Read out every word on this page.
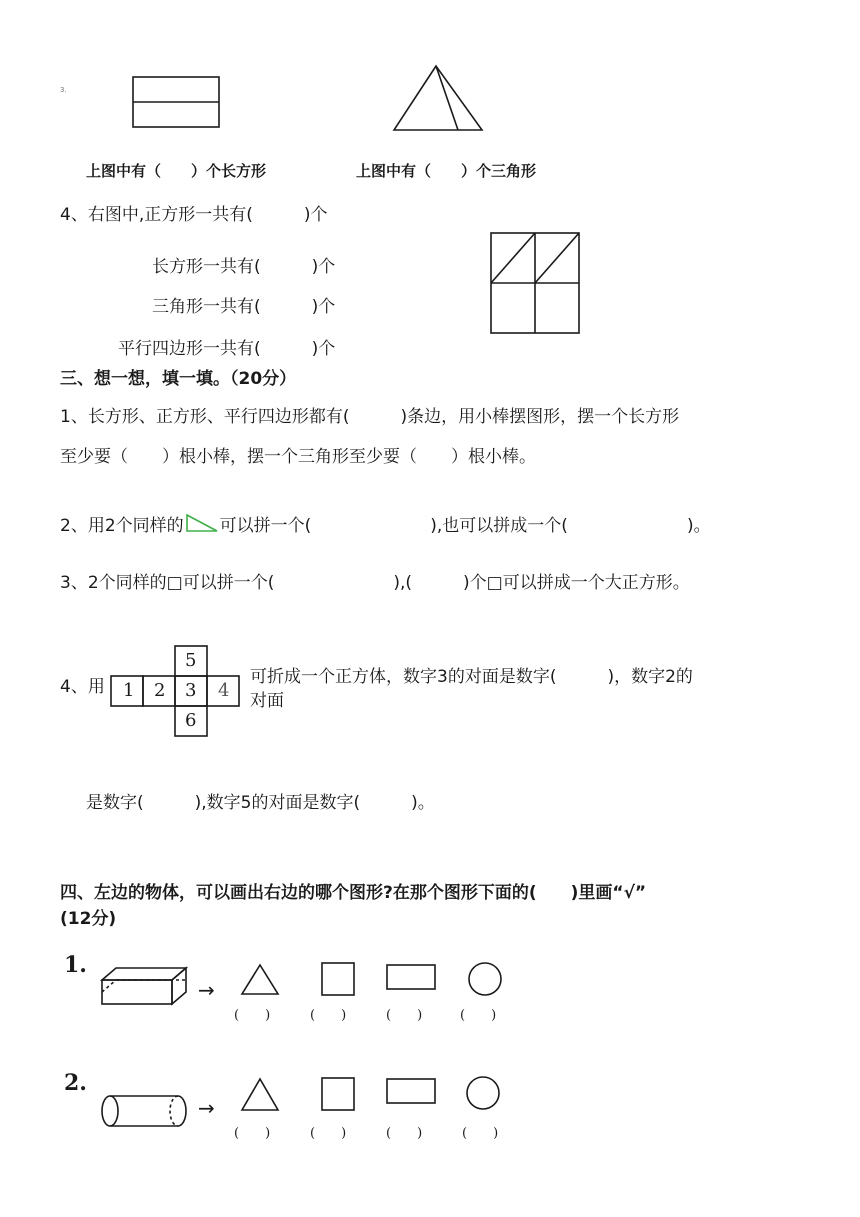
3.
上图中有（　　）个长方形	上图中有（　　）个三角形
4、右图中,正方形一共有(　　　)个
长方形一共有(　　　)个
三角形一共有(　　　)个
平行四边形一共有(　　　)个
三、想一想，填一填。（20分）
1、长方形、正方形、平行四边形都有(　　　)条边，用小棒摆图形，摆一个长方形
至少要（　　）根小棒，摆一个三角形至少要（　　）根小棒。
2、用2个同样的 可以拼一个(　　　　　　　),也可以拼成一个(　　　　　　　)。
3、2个同样的□可以拼一个(　　　　　　　),(　　　)个□可以拼成一个大正方形。
4、用 1 2 3 4
5
6
可折成一个正方体，数字3的对面是数字(　　　)，数字2的
对面
是数字(　　　),数字5的对面是数字(　　　)。
四、左边的物体，可以画出右边的哪个图形?在那个图形下面的(　　)里画“√”
(12分)
1.
→
(　　)	(　　)	(　　)	(　　)
2.
→
(　　)	(　　)	(　　)	(　　)
